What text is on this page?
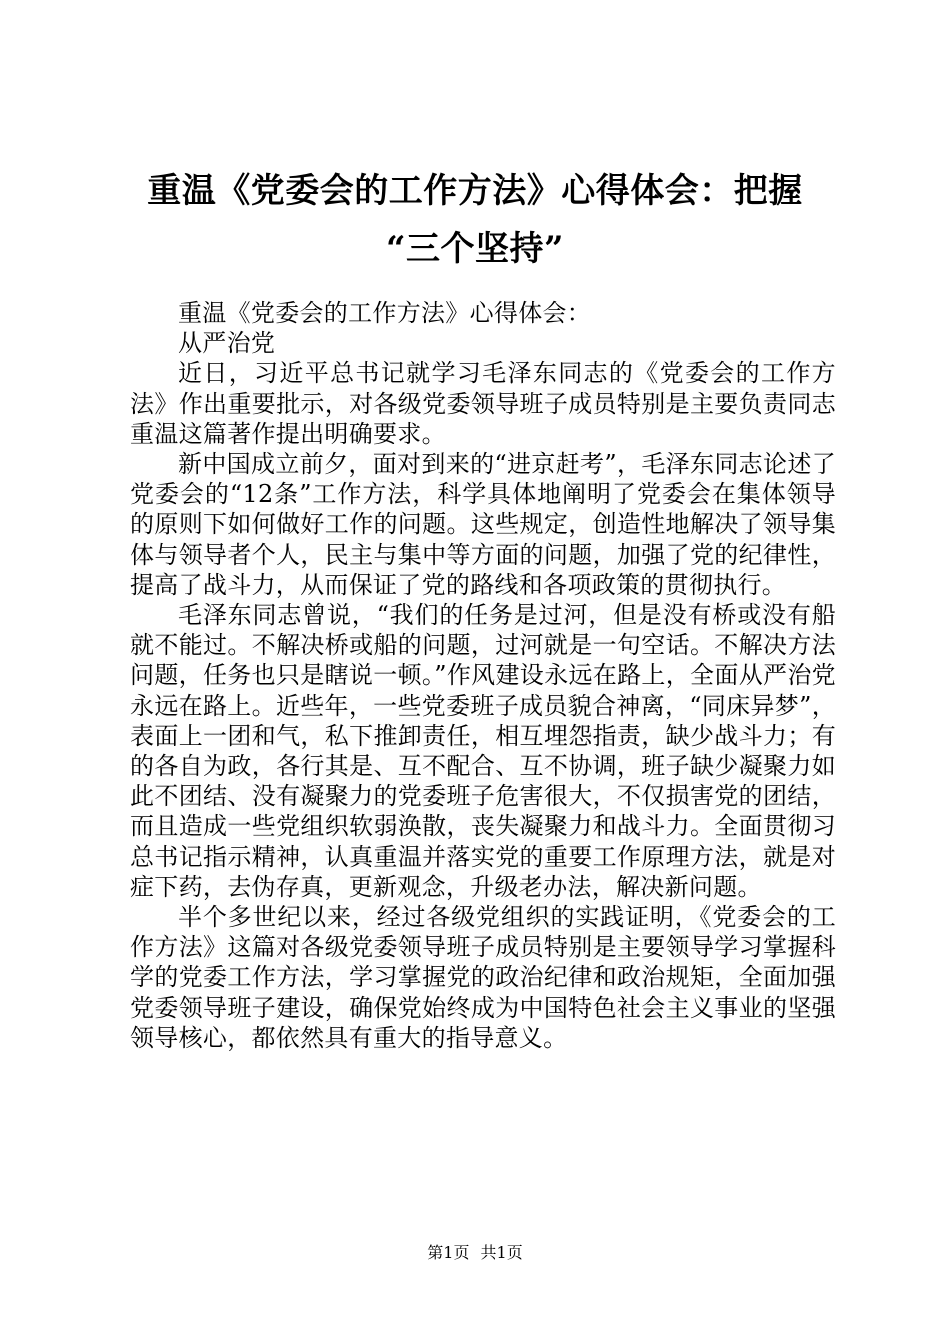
重温《党委会的工作方法》心得体会：把握
“三个坚持”

重温《党委会的工作方法》心得体会：

从严治党

近日，习近平总书记就学习毛泽东同志的《党委会的工作方法》作出重要批示，对各级党委领导班子成员特别是主要负责同志重温这篇著作提出明确要求。

新中国成立前夕，面对到来的“进京赶考”，毛泽东同志论述了党委会的“12条”工作方法，科学具体地阐明了党委会在集体领导的原则下如何做好工作的问题。这些规定，创造性地解决了领导集体与领导者个人，民主与集中等方面的问题，加强了党的纪律性，提高了战斗力，从而保证了党的路线和各项政策的贯彻执行。

毛泽东同志曾说，“我们的任务是过河，但是没有桥或没有船就不能过。不解决桥或船的问题，过河就是一句空话。不解决方法问题，任务也只是瞎说一顿。”作风建设永远在路上，全面从严治党永远在路上。近些年，一些党委班子成员貌合神离，“同床异梦”，表面上一团和气，私下推卸责任，相互埋怨指责，缺少战斗力；有的各自为政，各行其是、互不配合、互不协调，班子缺少凝聚力如此不团结、没有凝聚力的党委班子危害很大，不仅损害党的团结，而且造成一些党组织软弱涣散，丧失凝聚力和战斗力。全面贯彻习总书记指示精神，认真重温并落实党的重要工作原理方法，就是对症下药，去伪存真，更新观念，升级老办法，解决新问题。

半个多世纪以来，经过各级党组织的实践证明，《党委会的工作方法》这篇对各级党委领导班子成员特别是主要领导学习掌握科学的党委工作方法，学习掌握党的政治纪律和政治规矩，全面加强党委领导班子建设，确保党始终成为中国特色社会主义事业的坚强领导核心，都依然具有重大的指导意义。

第1页 共1页
